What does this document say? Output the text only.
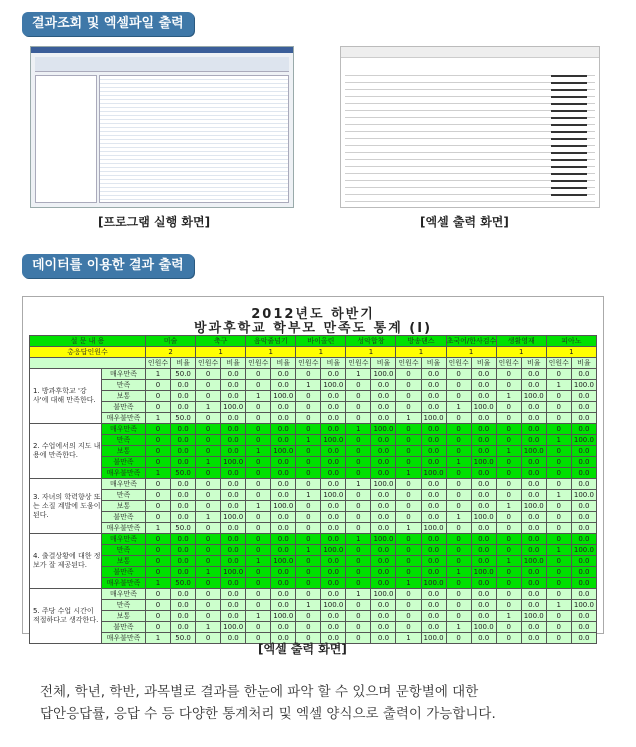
결과조회 및 엑셀파일 출력
[프로그램 실행 화면]	[엑셀 출력 화면]
데이터를 이용한 결과 출력
2012년도 하반기
방과후학교 학부모 만족도 통계 (Ⅰ)
설 문 내 용		미술		축구		음악줄넘기		바이올린		성악합창		방송댄스		초국어/한사검수		생활영재		피아노	
총응답인원수		2		1		1		1		1		1		1		1		1	
		인원수	비율	인원수	비율	인원수	비율	인원수	비율	인원수	비율	인원수	비율	인원수	비율	인원수	비율	인원수	비율
1. 방과후학교 '강사'에 대해 만족한다.	매우만족	1	50.0	0	0.0	0	0.0	0	0.0	1	100.0	0	0.0	0	0.0	0	0.0	0	0.0
	만족	0	0.0	0	0.0	0	0.0	1	100.0	0	0.0	0	0.0	0	0.0	0	0.0	1	100.0
	보통	0	0.0	0	0.0	1	100.0	0	0.0	0	0.0	0	0.0	0	0.0	1	100.0	0	0.0
	불만족	0	0.0	1	100.0	0	0.0	0	0.0	0	0.0	0	0.0	1	100.0	0	0.0	0	0.0
	매우불만족	1	50.0	0	0.0	0	0.0	0	0.0	0	0.0	1	100.0	0	0.0	0	0.0	0	0.0
2. 수업에서의 지도 내용에 만족한다.	매우만족	0	0.0	0	0.0	0	0.0	0	0.0	1	100.0	0	0.0	0	0.0	0	0.0	0	0.0
	만족	0	0.0	0	0.0	0	0.0	1	100.0	0	0.0	0	0.0	0	0.0	0	0.0	1	100.0
	보통	0	0.0	0	0.0	1	100.0	0	0.0	0	0.0	0	0.0	0	0.0	1	100.0	0	0.0
	불만족	0	0.0	1	100.0	0	0.0	0	0.0	0	0.0	0	0.0	1	100.0	0	0.0	0	0.0
	매우불만족	1	50.0	0	0.0	0	0.0	0	0.0	0	0.0	1	100.0	0	0.0	0	0.0	0	0.0
3. 자녀의 학력향상 또는 소질 계발에 도움이 된다.	매우만족	0	0.0	0	0.0	0	0.0	0	0.0	1	100.0	0	0.0	0	0.0	0	0.0	0	0.0
	만족	0	0.0	0	0.0	0	0.0	1	100.0	0	0.0	0	0.0	0	0.0	0	0.0	1	100.0
	보통	0	0.0	0	0.0	1	100.0	0	0.0	0	0.0	0	0.0	0	0.0	1	100.0	0	0.0
	불만족	0	0.0	1	100.0	0	0.0	0	0.0	0	0.0	0	0.0	1	100.0	0	0.0	0	0.0
	매우불만족	1	50.0	0	0.0	0	0.0	0	0.0	0	0.0	1	100.0	0	0.0	0	0.0	0	0.0
4. 출결상황에 대한 정보가 잘 제공된다.	매우만족	0	0.0	0	0.0	0	0.0	0	0.0	1	100.0	0	0.0	0	0.0	0	0.0	0	0.0
	만족	0	0.0	0	0.0	0	0.0	1	100.0	0	0.0	0	0.0	0	0.0	0	0.0	1	100.0
	보통	0	0.0	0	0.0	1	100.0	0	0.0	0	0.0	0	0.0	0	0.0	1	100.0	0	0.0
	불만족	0	0.0	1	100.0	0	0.0	0	0.0	0	0.0	0	0.0	1	100.0	0	0.0	0	0.0
	매우불만족	1	50.0	0	0.0	0	0.0	0	0.0	0	0.0	1	100.0	0	0.0	0	0.0	0	0.0
5. 주당 수업 시간이 적절하다고 생각한다.	매우만족	0	0.0	0	0.0	0	0.0	0	0.0	1	100.0	0	0.0	0	0.0	0	0.0	0	0.0
	만족	0	0.0	0	0.0	0	0.0	1	100.0	0	0.0	0	0.0	0	0.0	0	0.0	1	100.0
	보통	0	0.0	0	0.0	1	100.0	0	0.0	0	0.0	0	0.0	0	0.0	1	100.0	0	0.0
	불만족	0	0.0	1	100.0	0	0.0	0	0.0	0	0.0	0	0.0	1	100.0	0	0.0	0	0.0
	매우불만족	1	50.0	0	0.0	0	0.0	0	0.0	0	0.0	1	100.0	0	0.0	0	0.0	0	0.0
[엑셀 출력 화면]
전체, 학년, 학반, 과목별로 결과를 한눈에 파악 할 수 있으며 문항별에 대한
답안응답률, 응답 수 등 다양한 통계처리 및 엑셀 양식으로 출력이 가능합니다.
